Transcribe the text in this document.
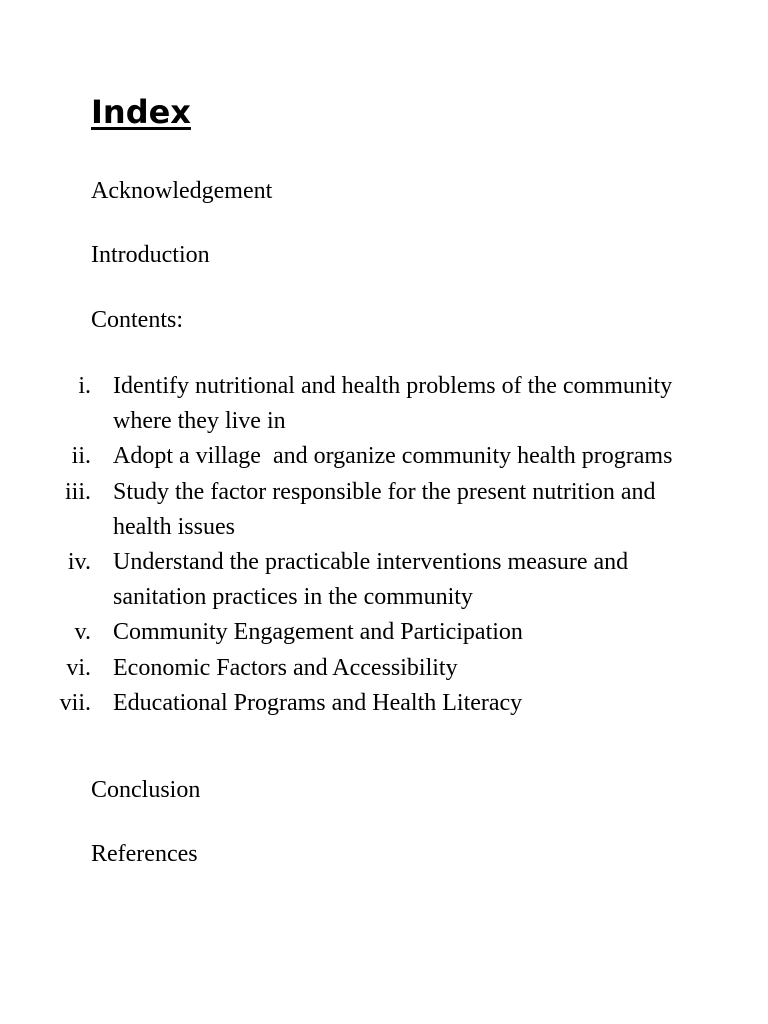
Index

Acknowledgement

Introduction

Contents:

i. Identify nutritional and health problems of the community where they live in
ii. Adopt a village  and organize community health programs
iii. Study the factor responsible for the present nutrition and health issues
iv. Understand the practicable interventions measure and sanitation practices in the community
v. Community Engagement and Participation
vi. Economic Factors and Accessibility
vii. Educational Programs and Health Literacy

Conclusion

References
